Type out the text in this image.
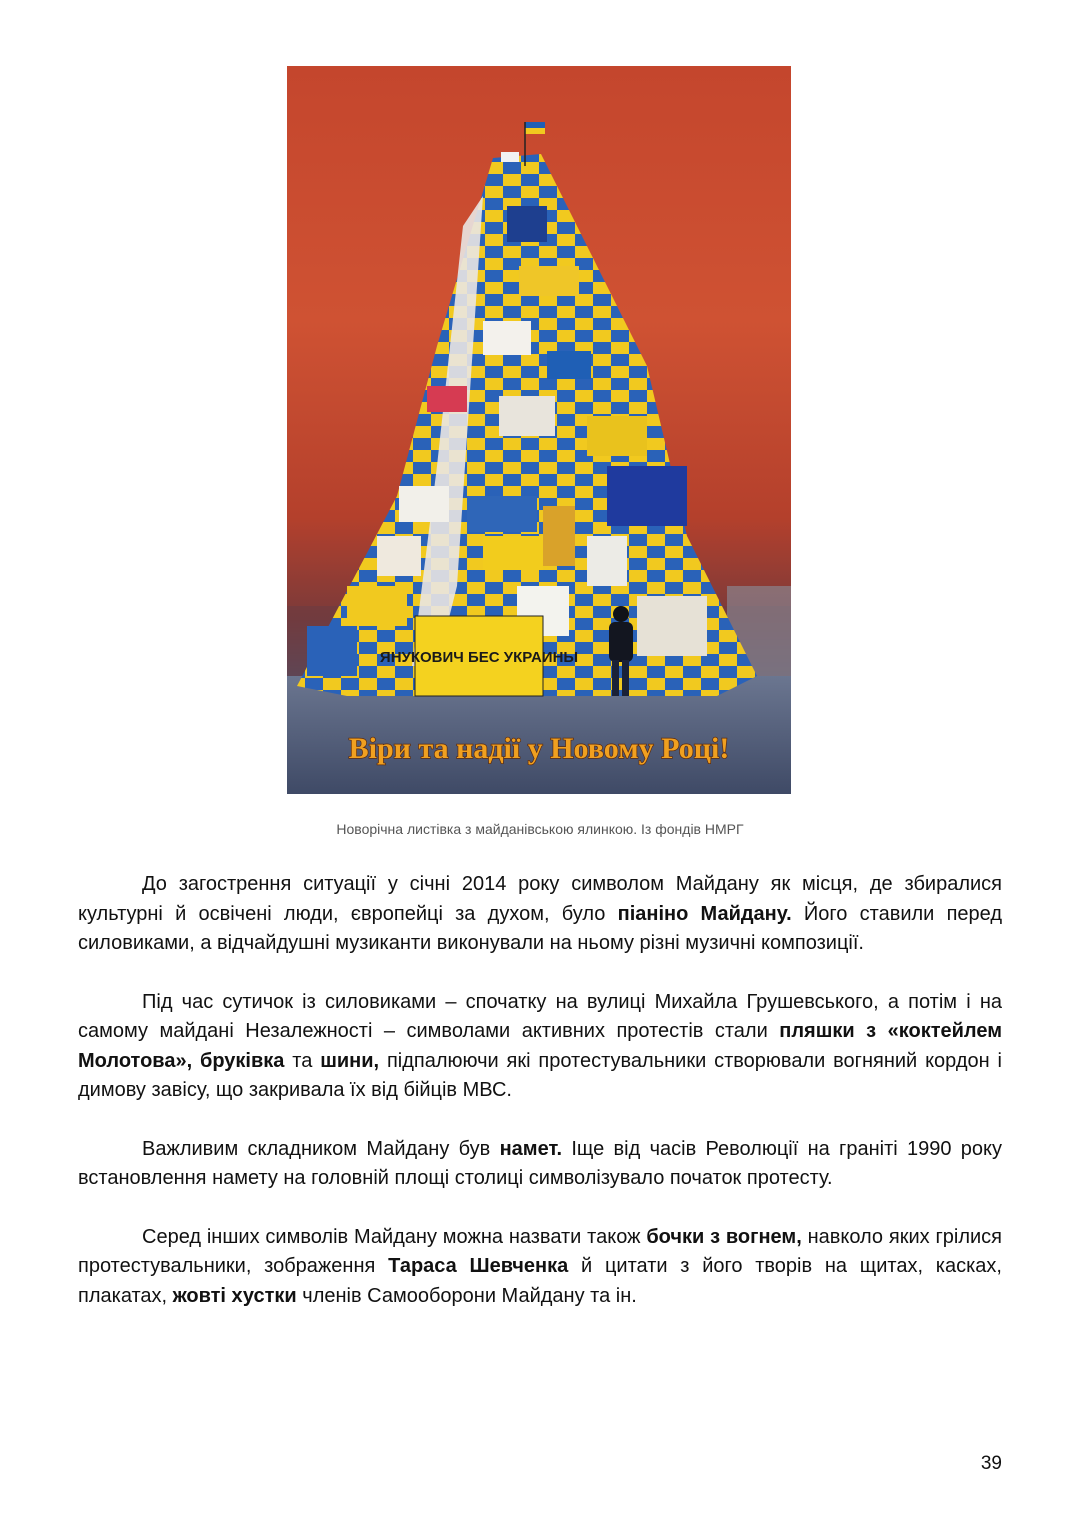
ЯНУКОВИЧ БЕС УКРАИНЫ
Віри та надії у Новому Році!
Новорічна листівка з майданівською ялинкою. Із фондів НМРГ

До загострення ситуації у січні 2014 року символом Майдану як місця, де збиралися культурні й освічені люди, європейці за духом, було піаніно Майдану. Його ставили перед силовиками, а відчайдушні музиканти виконували на ньому різні музичні композиції.

Під час сутичок із силовиками – спочатку на вулиці Михайла Грушевського, а потім і на самому майдані Незалежності – символами активних протестів стали пляшки з «коктейлем Молотова», бруківка та шини, підпалюючи які протестувальники створювали вогняний кордон і димову завісу, що закривала їх від бійців МВС.

Важливим складником Майдану був намет. Іще від часів Революції на граніті 1990 року встановлення намету на головній площі столиці символізувало початок протесту.

Серед інших символів Майдану можна назвати також бочки з вогнем, навколо яких грілися протестувальники, зображення Тараса Шевченка й цитати з його творів на щитах, касках, плакатах, жовті хустки членів Самооборони Майдану та ін.

39
